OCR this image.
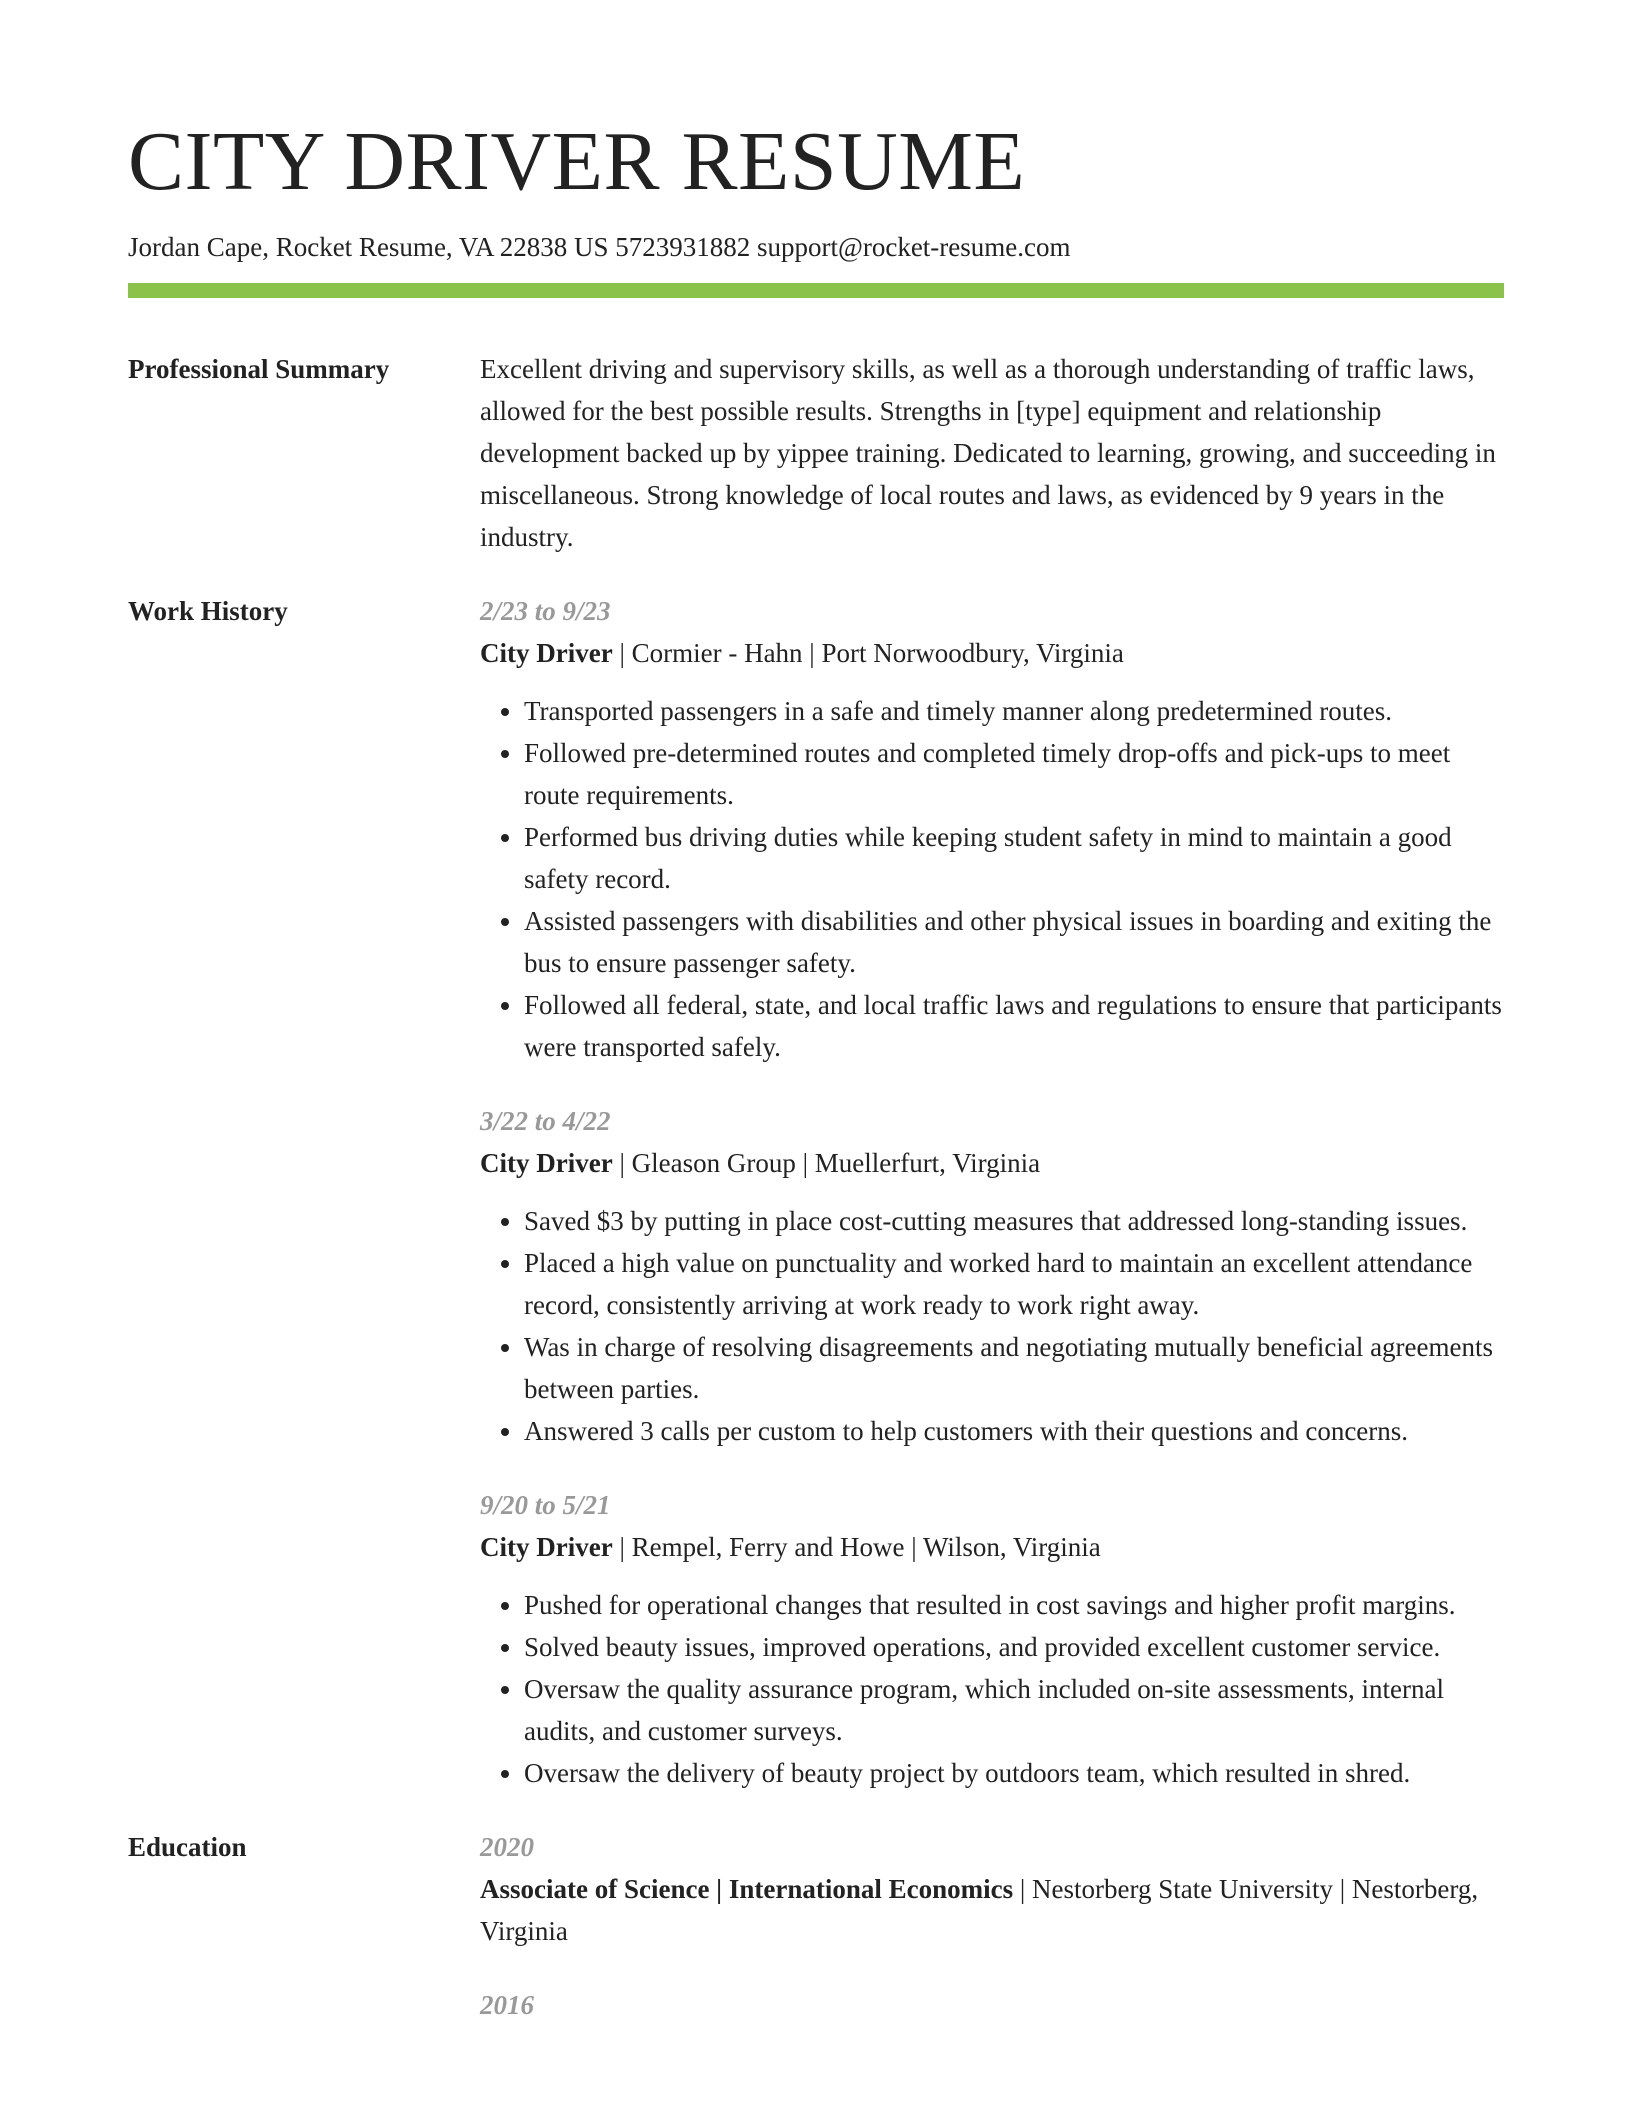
CITY DRIVER RESUME
Jordan Cape, Rocket Resume, VA 22838 US 5723931882 support@rocket-resume.com
Professional Summary	Excellent driving and supervisory skills, as well as a thorough understanding of traffic laws, allowed for the best possible results. Strengths in [type] equipment and relationship development backed up by yippee training. Dedicated to learning, growing, and succeeding in miscellaneous. Strong knowledge of local routes and laws, as evidenced by 9 years in the industry.
Work History	2/23 to 9/23
City Driver | Cormier - Hahn | Port Norwoodbury, Virginia
• Transported passengers in a safe and timely manner along predetermined routes.
• Followed pre-determined routes and completed timely drop-offs and pick-ups to meet route requirements.
• Performed bus driving duties while keeping student safety in mind to maintain a good safety record.
• Assisted passengers with disabilities and other physical issues in boarding and exiting the bus to ensure passenger safety.
• Followed all federal, state, and local traffic laws and regulations to ensure that participants were transported safely.
3/22 to 4/22
City Driver | Gleason Group | Muellerfurt, Virginia
• Saved $3 by putting in place cost-cutting measures that addressed long-standing issues.
• Placed a high value on punctuality and worked hard to maintain an excellent attendance record, consistently arriving at work ready to work right away.
• Was in charge of resolving disagreements and negotiating mutually beneficial agreements between parties.
• Answered 3 calls per custom to help customers with their questions and concerns.
9/20 to 5/21
City Driver | Rempel, Ferry and Howe | Wilson, Virginia
• Pushed for operational changes that resulted in cost savings and higher profit margins.
• Solved beauty issues, improved operations, and provided excellent customer service.
• Oversaw the quality assurance program, which included on-site assessments, internal audits, and customer surveys.
• Oversaw the delivery of beauty project by outdoors team, which resulted in shred.
Education	2020
Associate of Science | International Economics | Nestorberg State University | Nestorberg, Virginia
2016
